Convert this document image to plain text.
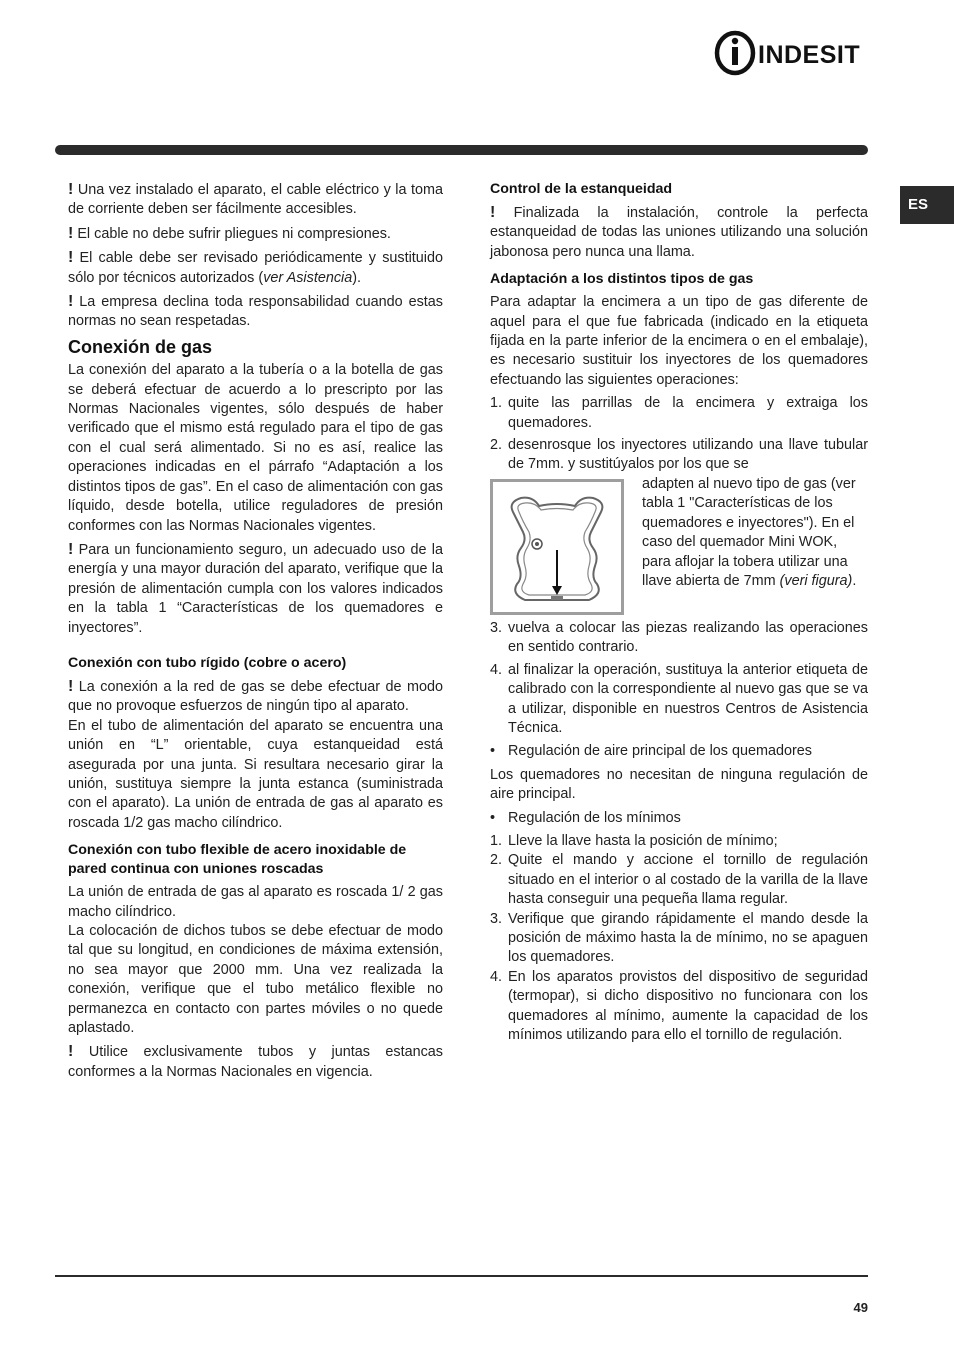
INDESIT
ES

! Una vez instalado el aparato, el cable eléctrico y la toma de corriente deben ser fácilmente accesibles.

! El cable no debe sufrir pliegues ni compresiones.

! El cable debe ser revisado periódicamente y sustituido sólo por técnicos autorizados (ver Asistencia).

! La empresa declina toda responsabilidad cuando estas normas no sean respetadas.

Conexión de gas

La conexión del aparato a la tubería o a la botella de gas se deberá efectuar de acuerdo a lo prescripto por las Normas Nacionales vigentes, sólo después de haber verificado que el mismo está regulado para el tipo de gas con el cual será alimentado. Si no es así, realice las operaciones indicadas en el párrafo “Adaptación a los distintos tipos de gas”. En el caso de alimentación con gas líquido, desde botella, utilice reguladores de presión conformes con las Normas Nacionales vigentes.

! Para un funcionamiento seguro, un adecuado uso de la energía y una mayor duración del aparato, verifique que la presión de alimentación cumpla con los valores indicados en la tabla 1 “Características de los quemadores e inyectores”.

Conexión con tubo rígido (cobre o acero)

! La conexión a la red de gas se debe efectuar de modo que no provoque esfuerzos de ningún tipo al aparato.

En el tubo de alimentación del aparato se encuentra una unión en “L” orientable, cuya estanqueidad está asegurada por una junta. Si resultara necesario girar la unión, sustituya siempre la junta estanca (suministrada con el aparato). La unión de entrada de gas al aparato es roscada 1/2 gas macho cilíndrico.

Conexión con tubo flexible de acero inoxidable de pared continua con uniones roscadas

La unión de entrada de gas al aparato es roscada 1/ 2 gas macho cilíndrico.

La colocación de dichos tubos se debe efectuar de modo tal que su longitud, en condiciones de máxima extensión, no sea mayor que 2000 mm. Una vez realizada la conexión, verifique que el tubo metálico flexible no permanezca en contacto con partes móviles o no quede aplastado.

! Utilice exclusivamente tubos y juntas estancas conformes a la Normas Nacionales en vigencia.

Control de la estanqueidad

! Finalizada la instalación, controle la perfecta estanqueidad de todas las uniones utilizando una solución jabonosa pero nunca una llama.

Adaptación a los distintos tipos de gas

Para adaptar la encimera a un tipo de gas diferente de aquel para el que fue fabricada (indicado en la etiqueta fijada en la parte inferior de la encimera o en el embalaje), es necesario sustituir los inyectores de los quemadores efectuando las siguientes operaciones:

1. quite las parrillas de la encimera y extraiga los quemadores.
2. desenrosque los inyectores utilizando una llave tubular de 7mm. y sustitúyalos por los que se

adapten al nuevo tipo de gas (ver tabla 1 "Características de los quemadores e inyectores"). En el caso del quemador Mini WOK, para aflojar la tobera utilizar una llave abierta de 7mm (veri figura).

3. vuelva a colocar las piezas realizando las operaciones en sentido contrario.
4. al finalizar la operación, sustituya la anterior etiqueta de calibrado con la correspondiente al nuevo gas que se va a utilizar, disponible en nuestros Centros de Asistencia Técnica.
• Regulación de aire principal de los quemadores

Los quemadores no necesitan de ninguna regulación de aire principal.

• Regulación de los mínimos
1. Lleve la llave hasta la posición de mínimo;
2. Quite el mando y accione el tornillo de regulación situado en el interior o al costado de la varilla de la llave hasta conseguir una pequeña llama regular.
3. Verifique que girando rápidamente el mando desde la posición de máximo hasta la de mínimo, no se apaguen los quemadores.
4. En los aparatos provistos del dispositivo de seguridad (termopar), si dicho dispositivo no funcionara con los quemadores al mínimo, aumente la capacidad de los mínimos utilizando para ello el tornillo de regulación.
49
